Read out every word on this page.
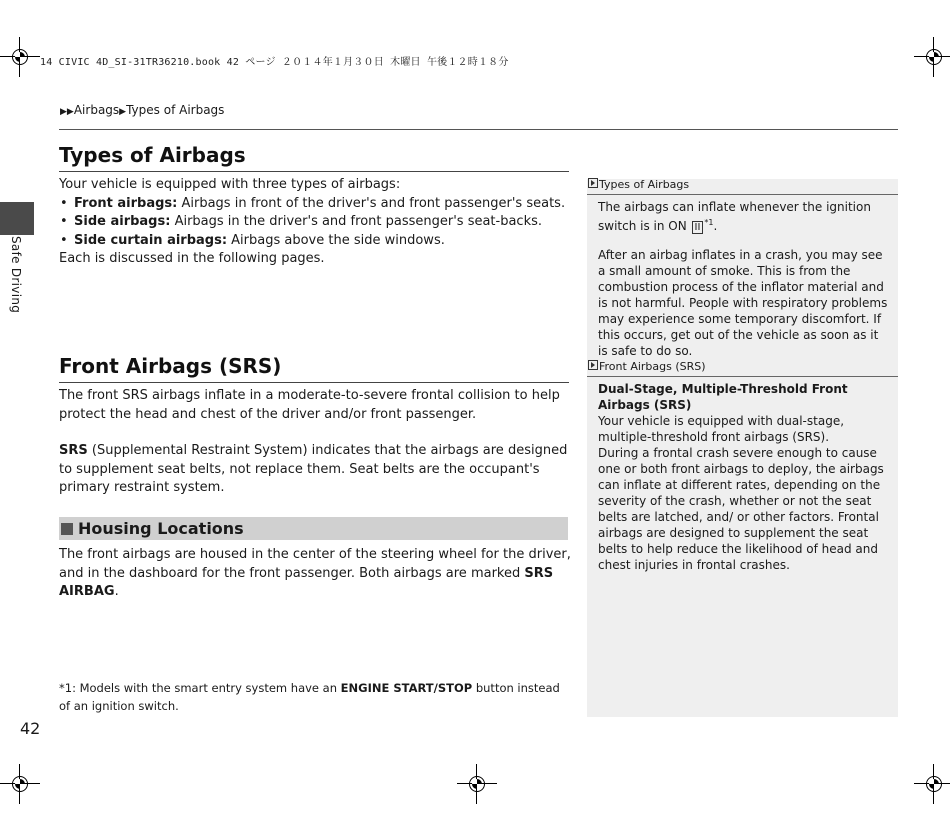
14 CIVIC 4D_SI-31TR36210.book 42 ページ ２０１４年１月３０日 木曜日 午後１２時１８分
▶▶Airbags▶Types of Airbags
Safe Driving
Types of Airbags
Your vehicle is equipped with three types of airbags:
• Front airbags: Airbags in front of the driver's and front passenger's seats.
• Side airbags: Airbags in the driver's and front passenger's seat-backs.
• Side curtain airbags: Airbags above the side windows.
Each is discussed in the following pages.
Front Airbags (SRS)
The front SRS airbags inflate in a moderate-to-severe frontal collision to help protect the head and chest of the driver and/or front passenger.
SRS (Supplemental Restraint System) indicates that the airbags are designed to supplement seat belts, not replace them. Seat belts are the occupant's primary restraint system.
Housing Locations
The front airbags are housed in the center of the steering wheel for the driver, and in the dashboard for the front passenger. Both airbags are marked SRS AIRBAG.
*1: Models with the smart entry system have an ENGINE START/STOP button instead of an ignition switch.
42
Types of Airbags
The airbags can inflate whenever the ignition switch is in ON II $^{*1}$.
After an airbag inflates in a crash, you may see a small amount of smoke. This is from the combustion process of the inflator material and is not harmful. People with respiratory problems may experience some temporary discomfort. If this occurs, get out of the vehicle as soon as it is safe to do so.
Front Airbags (SRS)
Dual-Stage, Multiple-Threshold Front Airbags (SRS)
Your vehicle is equipped with dual-stage, multiple-threshold front airbags (SRS).
During a frontal crash severe enough to cause one or both front airbags to deploy, the airbags can inflate at different rates, depending on the severity of the crash, whether or not the seat belts are latched, and/ or other factors. Frontal airbags are designed to supplement the seat belts to help reduce the likelihood of head and chest injuries in frontal crashes.
